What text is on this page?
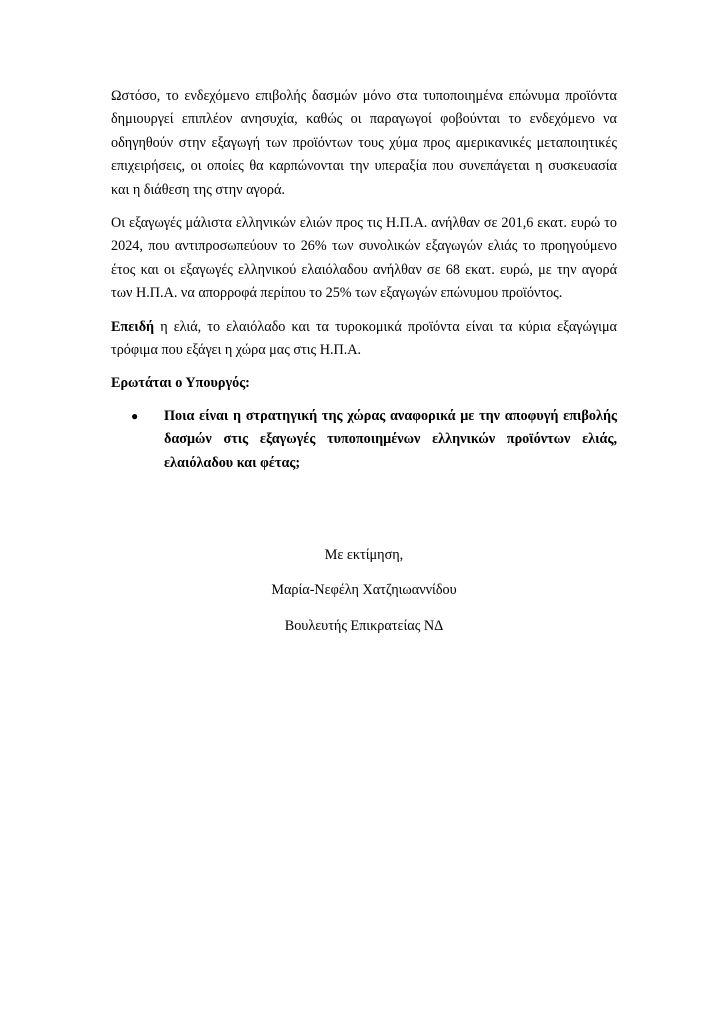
Ωστόσο, το ενδεχόμενο επιβολής δασμών μόνο στα τυποποιημένα επώνυμα προϊόντα δημιουργεί επιπλέον ανησυχία, καθώς οι παραγωγοί φοβούνται το ενδεχόμενο να οδηγηθούν στην εξαγωγή των προϊόντων τους χύμα προς αμερικανικές μεταποιητικές επιχειρήσεις, οι οποίες θα καρπώνονται την υπεραξία που συνεπάγεται η συσκευασία και η διάθεση της στην αγορά.

Οι εξαγωγές μάλιστα ελληνικών ελιών προς τις Η.Π.Α. ανήλθαν σε 201,6 εκατ. ευρώ το 2024, που αντιπροσωπεύουν το 26% των συνολικών εξαγωγών ελιάς το προηγούμενο έτος και οι εξαγωγές ελληνικού ελαιόλαδου ανήλθαν σε 68 εκατ. ευρώ, με την αγορά των Η.Π.Α. να απορροφά περίπου το 25% των εξαγωγών επώνυμου προϊόντος.

Επειδή η ελιά, το ελαιόλαδο και τα τυροκομικά προϊόντα είναι τα κύρια εξαγώγιμα τρόφιμα που εξάγει η χώρα μας στις Η.Π.Α.

Ερωτάται ο Υπουργός:

●	Ποια είναι η στρατηγική της χώρας αναφορικά με την αποφυγή επιβολής δασμών στις εξαγωγές τυποποιημένων ελληνικών προϊόντων ελιάς, ελαιόλαδου και φέτας;
Με εκτίμηση,
Μαρία-Νεφέλη Χατζηιωαννίδου
Βουλευτής Επικρατείας ΝΔ
